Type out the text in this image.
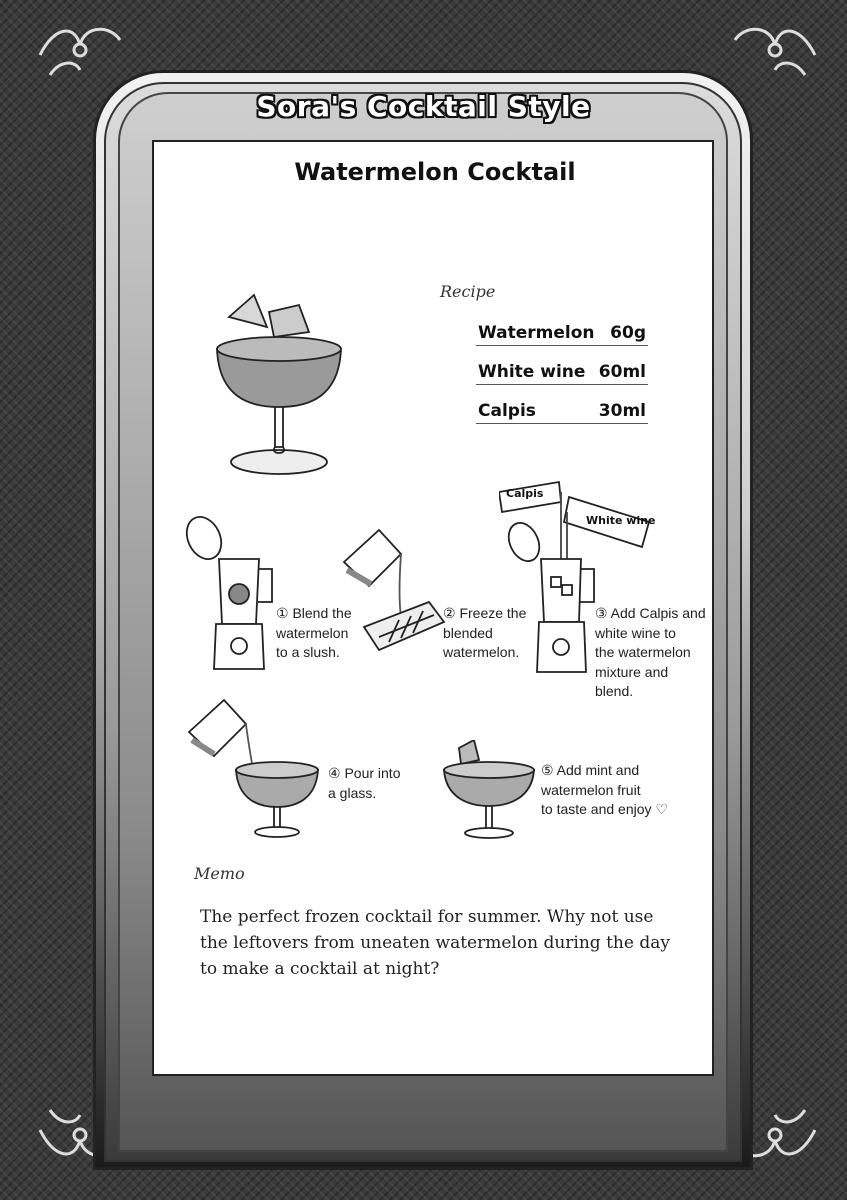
Sora's Cocktail Style
Watermelon Cocktail
Recipe
Watermelon 60g
White wine 60ml
Calpis	30ml
① Blend the
watermelon
to a slush.
② Freeze the
blended
watermelon.
Calpis
White wine
③ Add Calpis and
white wine to
the watermelon
mixture and
blend.
④ Pour into
a glass.
⑤ Add mint and
watermelon fruit
to taste and enjoy ♡
Memo
The perfect frozen cocktail for summer. Why not use the leftovers from uneaten watermelon during the day to make a cocktail at night?
